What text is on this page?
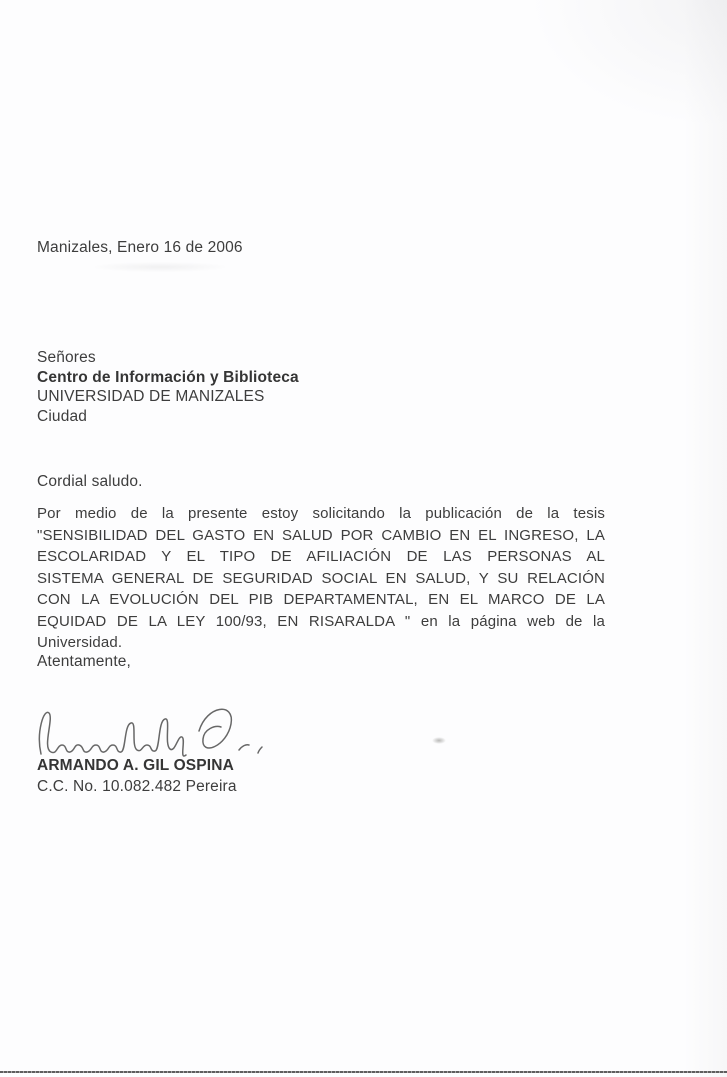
Manizales, Enero 16 de 2006
Señores
Centro de Información y Biblioteca
UNIVERSIDAD DE MANIZALES
Ciudad
Cordial saludo.
Por medio de la presente estoy solicitando la publicación de la tesis
"SENSIBILIDAD DEL GASTO EN SALUD POR CAMBIO EN EL INGRESO, LA
ESCOLARIDAD Y EL TIPO DE AFILIACIÓN DE LAS PERSONAS AL
SISTEMA GENERAL DE SEGURIDAD SOCIAL EN SALUD, Y SU RELACIÓN
CON LA EVOLUCIÓN DEL PIB DEPARTAMENTAL, EN EL MARCO DE LA
EQUIDAD DE LA LEY 100/93, EN RISARALDA " en la página web de la
Universidad.
Atentamente,
ARMANDO A. GIL OSPINA
C.C. No. 10.082.482 Pereira
